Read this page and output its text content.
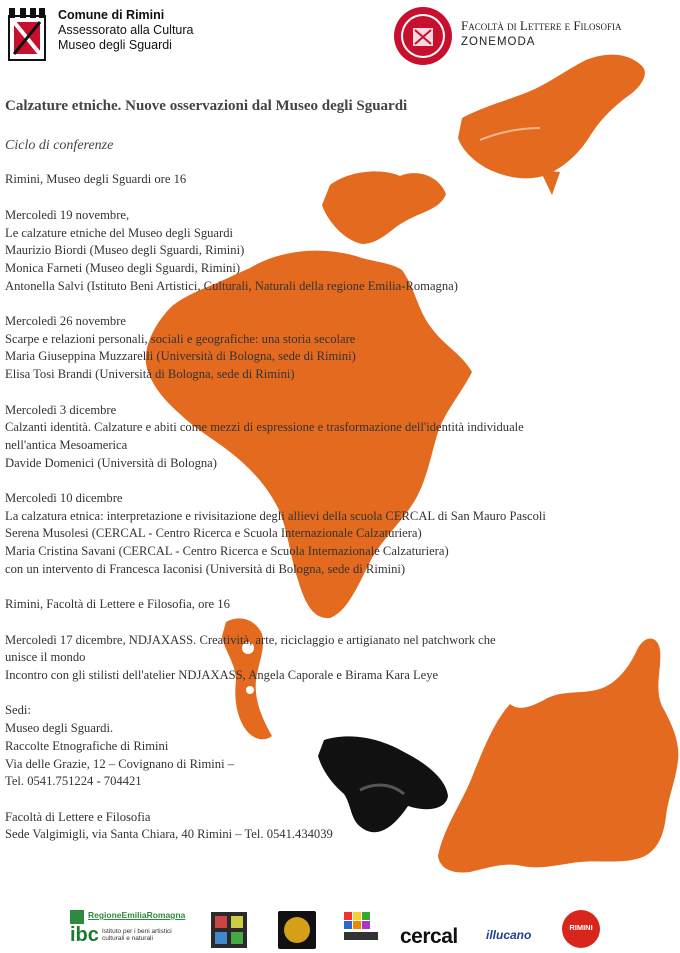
Comune di Rimini
Assessorato alla Cultura
Museo degli Sguardi
Facoltà di Lettere e Filosofia
ZONEMODA

Calzature etniche. Nuove osservazioni dal Museo degli Sguardi

Ciclo di conferenze

Rimini, Museo degli Sguardi ore 16

Mercoledì 19 novembre,

Le calzature etniche del Museo degli Sguardi

Maurizio Biordi (Museo degli Sguardi, Rimini)

Monica Farneti (Museo degli Sguardi, Rimini)

Antonella Salvi (Istituto Beni Artistici, Culturali, Naturali della regione Emilia-Romagna)

Mercoledì 26 novembre

Scarpe e relazioni personali, sociali e geografiche: una storia secolare

Maria Giuseppina Muzzarelli (Università di Bologna, sede di Rimini)

Elisa Tosi Brandi (Università di Bologna, sede di Rimini)

Mercoledì 3 dicembre

Calzanti identità. Calzature e abiti come mezzi di espressione e trasformazione dell'identità individuale

nell'antica Mesoamerica

Davide Domenici (Università di Bologna)

Mercoledì 10 dicembre

La calzatura etnica: interpretazione e rivisitazione degli allievi della scuola CERCAL di San Mauro Pascoli

Serena Musolesi (CERCAL - Centro Ricerca e Scuola Internazionale Calzaturiera)

Maria Cristina Savani (CERCAL - Centro Ricerca e Scuola Internazionale Calzaturiera)

con un intervento di Francesca Iaconisi (Università di Bologna, sede di Rimini)

Rimini, Facoltà di Lettere e Filosofia, ore 16

Mercoledì 17 dicembre, NDJAXASS. Creatività, arte, riciclaggio e artigianato nel patchwork che

unisce il mondo

Incontro con gli stilisti dell'atelier NDJAXASS, Angela Caporale e Birama Kara Leye

Sedi:

Museo degli Sguardi.

Raccolte Etnografiche di Rimini

Via delle Grazie, 12 – Covignano di Rimini –

Tel. 0541.751224 - 704421

Facoltà di Lettere e Filosofia

Sede Valgimigli, via Santa Chiara, 40 Rimini – Tel. 0541.434039

RegioneEmiliaRomagna
ibc Istituto per i beni artistici culturali e naturali	cercal illucano
RIMINI
